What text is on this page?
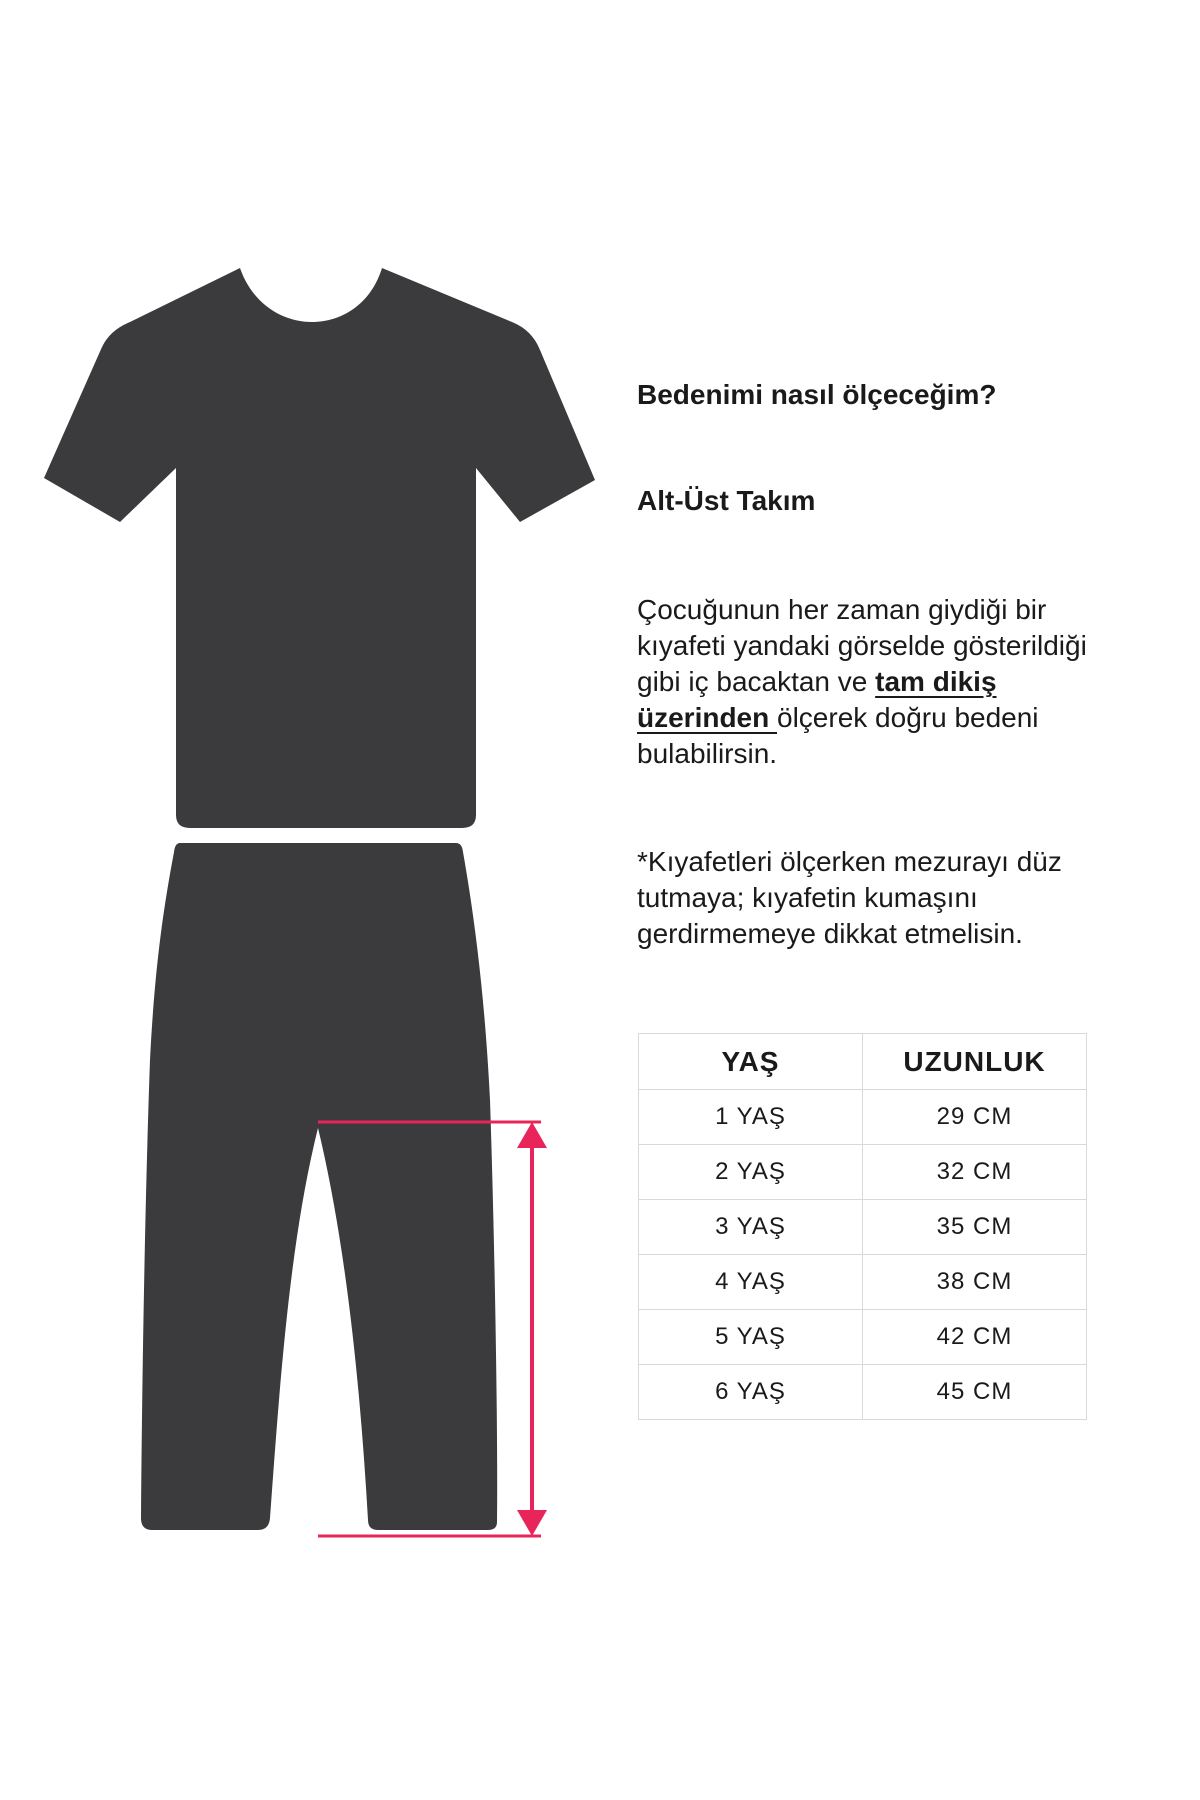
Bedenimi nasıl ölçeceğim?
Alt-Üst Takım
Çocuğunun her zaman giydiği bir kıyafeti yandaki görselde gösterildiği gibi iç bacaktan ve tam dikiş üzerinden ölçerek doğru bedeni bulabilirsin.
*Kıyafetleri ölçerken mezurayı düz tutmaya; kıyafetin kumaşını gerdirmemeye dikkat etmelisin.
YAŞ	UZUNLUK
1 YAŞ	29 CM
2 YAŞ	32 CM
3 YAŞ	35 CM
4 YAŞ	38 CM
5 YAŞ	42 CM
6 YAŞ	45 CM
